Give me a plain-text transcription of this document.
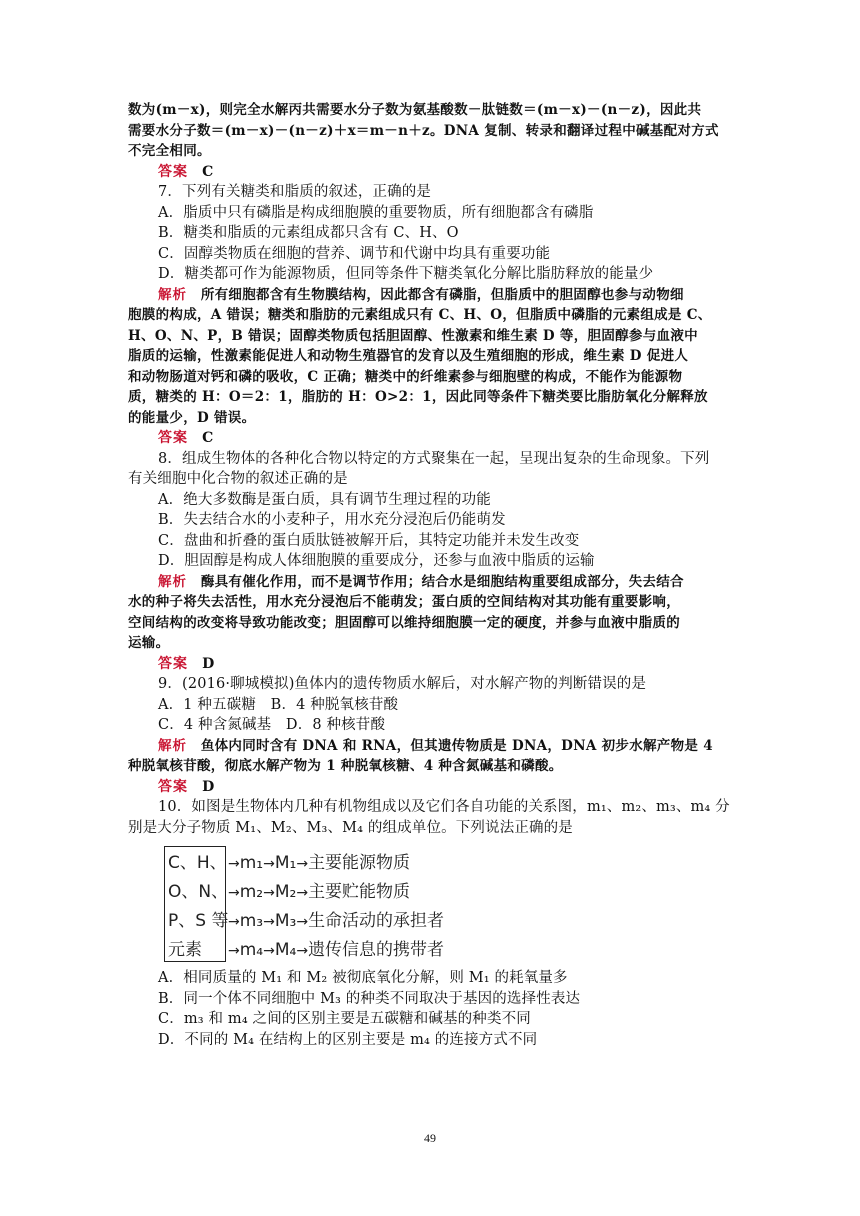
数为(m－x)，则完全水解丙共需要水分子数为氨基酸数－肽链数＝(m－x)－(n－z)，因此共
需要水分子数＝(m－x)－(n－z)＋x＝m－n＋z。DNA 复制、转录和翻译过程中碱基配对方式
不完全相同。
答案　 C
7．下列有关糖类和脂质的叙述，正确的是
A．脂质中只有磷脂是构成细胞膜的重要物质，所有细胞都含有磷脂
B．糖类和脂质的元素组成都只含有 C、H、O
C．固醇类物质在细胞的营养、调节和代谢中均具有重要功能
D．糖类都可作为能源物质，但同等条件下糖类氧化分解比脂肪释放的能量少
解析　 所有细胞都含有生物膜结构，因此都含有磷脂，但脂质中的胆固醇也参与动物细
胞膜的构成，A 错误；糖类和脂肪的元素组成只有 C、H、O，但脂质中磷脂的元素组成是 C、
H、O、N、P，B 错误；固醇类物质包括胆固醇、性激素和维生素 D 等，胆固醇参与血液中
脂质的运输，性激素能促进人和动物生殖器官的发育以及生殖细胞的形成，维生素 D 促进人
和动物肠道对钙和磷的吸收，C 正确；糖类中的纤维素参与细胞壁的构成，不能作为能源物
质，糖类的 H：O＝2：1，脂肪的 H：O>2：1，因此同等条件下糖类要比脂肪氧化分解释放
的能量少，D 错误。
答案　 C
8．组成生物体的各种化合物以特定的方式聚集在一起，呈现出复杂的生命现象。下列
有关细胞中化合物的叙述正确的是
A．绝大多数酶是蛋白质，具有调节生理过程的功能
B．失去结合水的小麦种子，用水充分浸泡后仍能萌发
C．盘曲和折叠的蛋白质肽链被解开后，其特定功能并未发生改变
D．胆固醇是构成人体细胞膜的重要成分，还参与血液中脂质的运输
解析　 酶具有催化作用，而不是调节作用；结合水是细胞结构重要组成部分，失去结合
水的种子将失去活性，用水充分浸泡后不能萌发；蛋白质的空间结构对其功能有重要影响，
空间结构的改变将导致功能改变；胆固醇可以维持细胞膜一定的硬度，并参与血液中脂质的
运输。
答案　 D
9．(2016·聊城模拟)鱼体内的遗传物质水解后，对水解产物的判断错误的是
A．1 种五碳糖　B．4 种脱氧核苷酸
C．4 种含氮碱基　D．8 种核苷酸
解析　 鱼体内同时含有 DNA 和 RNA，但其遗传物质是 DNA，DNA 初步水解产物是 4
种脱氧核苷酸，彻底水解产物为 1 种脱氧核糖、4 种含氮碱基和磷酸。
答案　 D
10．如图是生物体内几种有机物组成以及它们各自功能的关系图，m₁、m₂、m₃、m₄ 分
别是大分子物质 M₁、M₂、M₃、M₄ 的组成单位。下列说法正确的是
C、H、
O、N、
P、S 等
元素
→m₁→M₁→主要能源物质
→m₂→M₂→主要贮能物质
→m₃→M₃→生命活动的承担者
→m₄→M₄→遗传信息的携带者
A．相同质量的 M₁ 和 M₂ 被彻底氧化分解，则 M₁ 的耗氧量多
B．同一个体不同细胞中 M₃ 的种类不同取决于基因的选择性表达
C．m₃ 和 m₄ 之间的区别主要是五碳糖和碱基的种类不同
D．不同的 M₄ 在结构上的区别主要是 m₄ 的连接方式不同
49
